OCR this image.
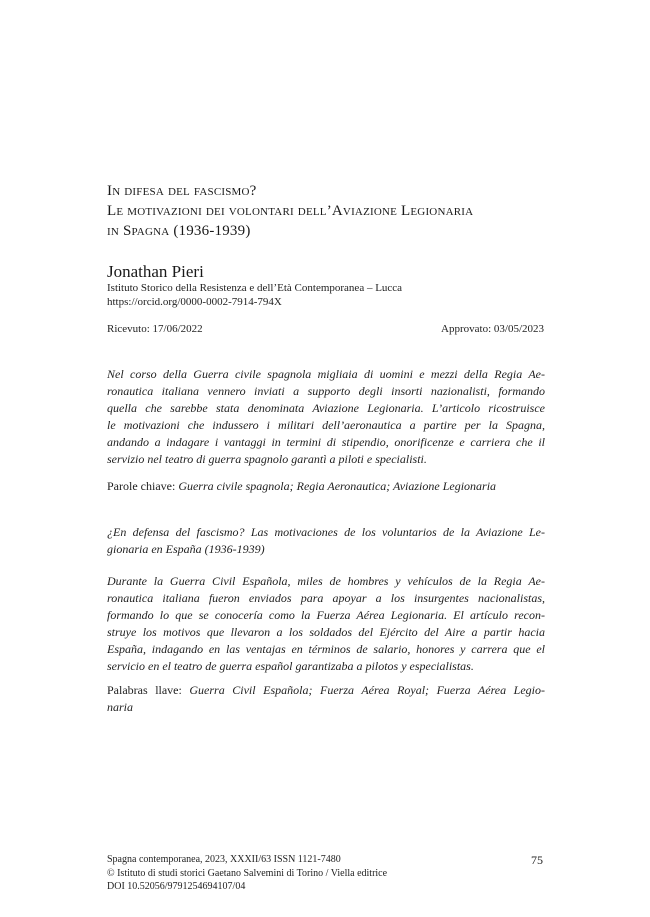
In difesa del fascismo?
Le motivazioni dei volontari dell’Aviazione Legionaria
in Spagna (1936-1939)
Jonathan Pieri
Istituto Storico della Resistenza e dell’Età Contemporanea – Lucca
https://orcid.org/0000-0002-7914-794X
Ricevuto: 17/06/2022	Approvato: 03/05/2023
Nel corso della Guerra civile spagnola migliaia di uomini e mezzi della Regia Ae-
ronautica italiana vennero inviati a supporto degli insorti nazionalisti, formando
quella che sarebbe stata denominata Aviazione Legionaria. L’articolo ricostruisce
le motivazioni che indussero i militari dell’aeronautica a partire per la Spagna,
andando a indagare i vantaggi in termini di stipendio, onorificenze e carriera che il
servizio nel teatro di guerra spagnolo garantì a piloti e specialisti.
Parole chiave: Guerra civile spagnola; Regia Aeronautica; Aviazione Legionaria
¿En defensa del fascismo? Las motivaciones de los voluntarios de la Aviazione Le-
gionaria en España (1936-1939)
Durante la Guerra Civil Española, miles de hombres y vehículos de la Regia Ae-
ronautica italiana fueron enviados para apoyar a los insurgentes nacionalistas,
formando lo que se conocería como la Fuerza Aérea Legionaria. El artículo recon-
struye los motivos que llevaron a los soldados del Ejército del Aire a partir hacia
España, indagando en las ventajas en términos de salario, honores y carrera que el
servicio en el teatro de guerra español garantizaba a pilotos y especialistas.
Palabras llave: Guerra Civil Española; Fuerza Aérea Royal; Fuerza Aérea Legio-
naria
Spagna contemporanea, 2023, XXXII/63 ISSN 1121-7480
© Istituto di studi storici Gaetano Salvemini di Torino / Viella editrice
DOI 10.52056/9791254694107/04
75
